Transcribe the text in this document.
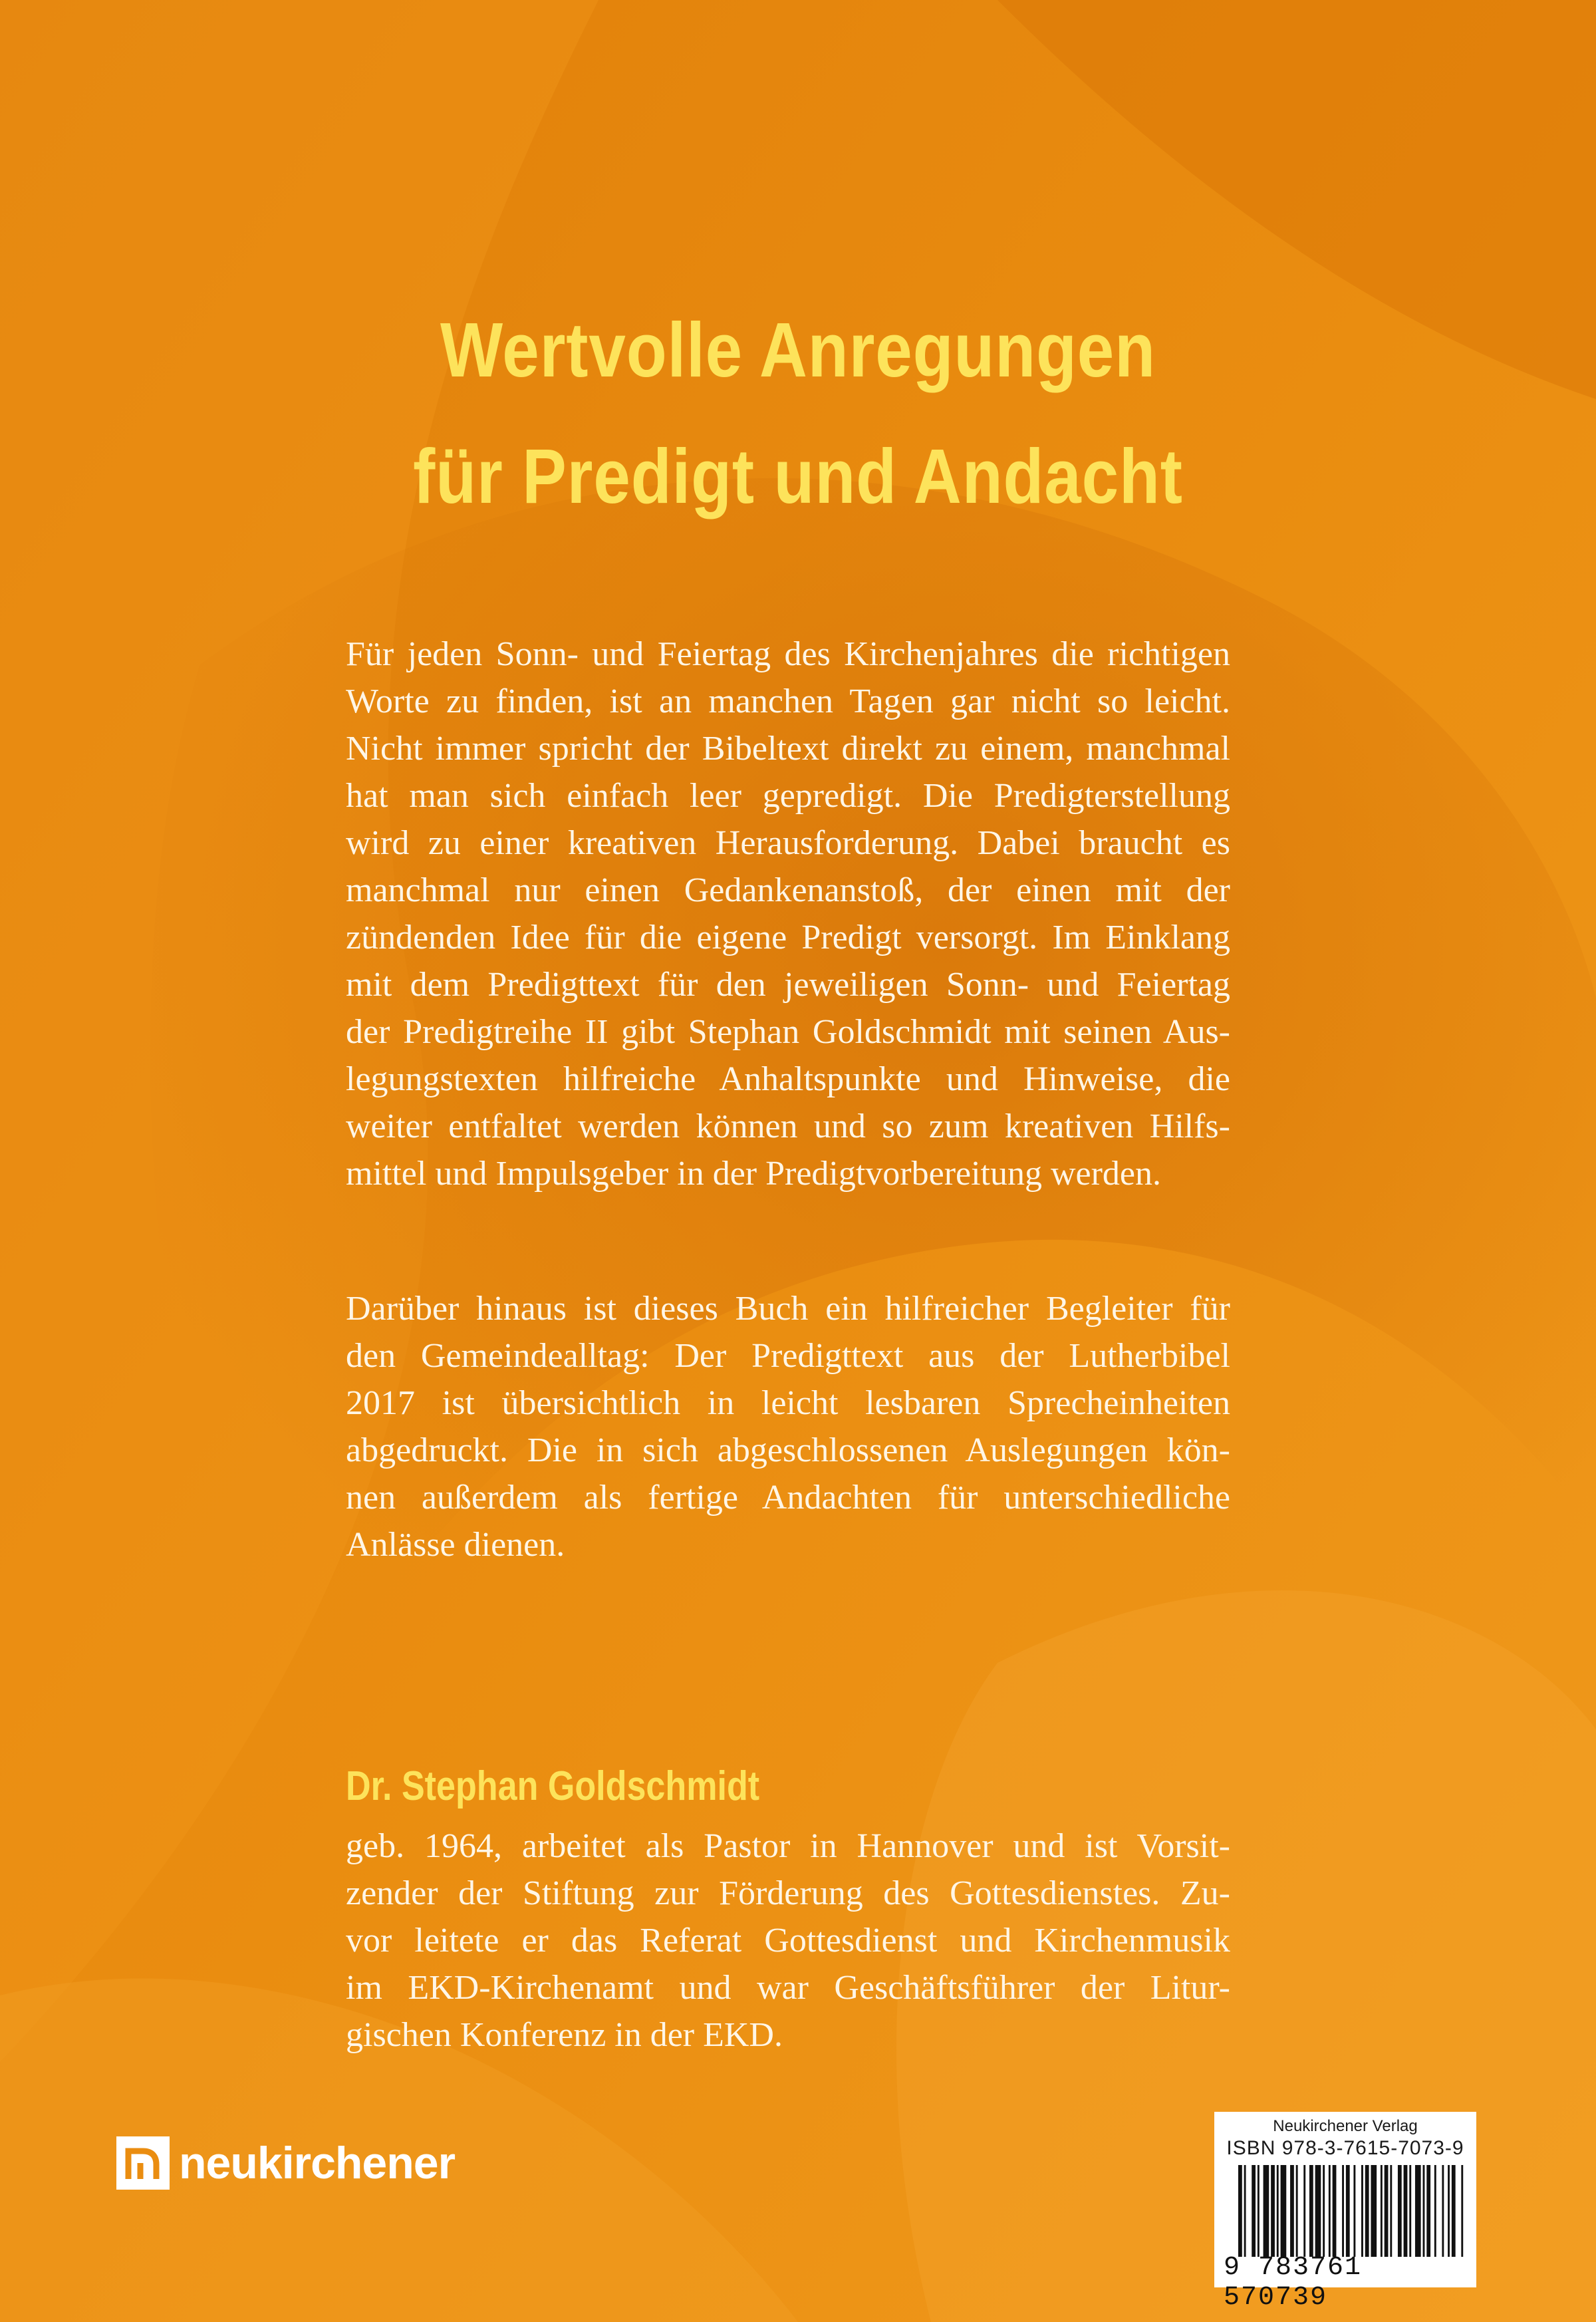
Wertvolle Anregungen
für Predigt und Andacht
Für jeden Sonn- und Feiertag des Kirchenjahres die richtigen
Worte zu finden, ist an manchen Tagen gar nicht so leicht.
Nicht immer spricht der Bibeltext direkt zu einem, manchmal
hat man sich einfach leer gepredigt. Die Predigterstellung
wird zu einer kreativen Herausforderung. Dabei braucht es
manchmal nur einen Gedankenanstoß, der einen mit der
zündenden Idee für die eigene Predigt versorgt. Im Einklang
mit dem Predigttext für den jeweiligen Sonn- und Feiertag
der Predigtreihe II gibt Stephan Goldschmidt mit seinen Aus-
legungstexten hilfreiche Anhaltspunkte und Hinweise, die
weiter entfaltet werden können und so zum kreativen Hilfs-
mittel und Impulsgeber in der Predigtvorbereitung werden.
Darüber hinaus ist dieses Buch ein hilfreicher Begleiter für
den Gemeindealltag: Der Predigttext aus der Lutherbibel
2017 ist übersichtlich in leicht lesbaren Sprecheinheiten
abgedruckt. Die in sich abgeschlossenen Auslegungen kön-
nen außerdem als fertige Andachten für unterschiedliche
Anlässe dienen.
Dr. Stephan Goldschmidt
geb. 1964, arbeitet als Pastor in Hannover und ist Vorsit-
zender der Stiftung zur Förderung des Gottesdienstes. Zu-
vor leitete er das Referat Gottesdienst und Kirchenmusik
im EKD-Kirchenamt und war Geschäftsführer der Litur-
gischen Konferenz in der EKD.
neukirchener
Neukirchener Verlag
ISBN 978-3-7615-7073-9
9 783761 570739
